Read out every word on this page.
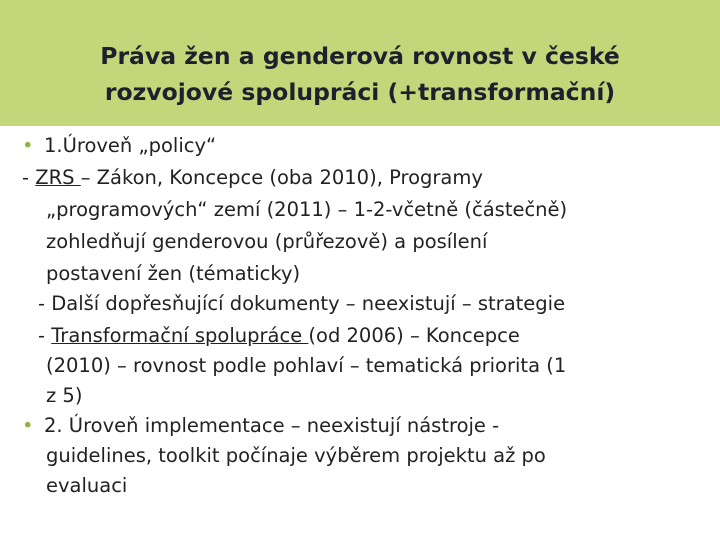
Práva žen a genderová rovnost v české
rozvojové spolupráci (+transformační)
• 1.Úroveň „policy“
- ZRS – Zákon, Koncepce (oba 2010), Programy
„programových“ zemí (2011) – 1-2-včetně (částečně)
zohledňují genderovou (průřezově) a posílení
postavení žen (tématicky)
- Další dopřesňující dokumenty – neexistují – strategie
- Transformační spolupráce (od 2006) – Koncepce
(2010) – rovnost podle pohlaví – tematická priorita (1
z 5)
• 2. Úroveň implementace – neexistují nástroje -
guidelines, toolkit počínaje výběrem projektu až po
evaluaci
